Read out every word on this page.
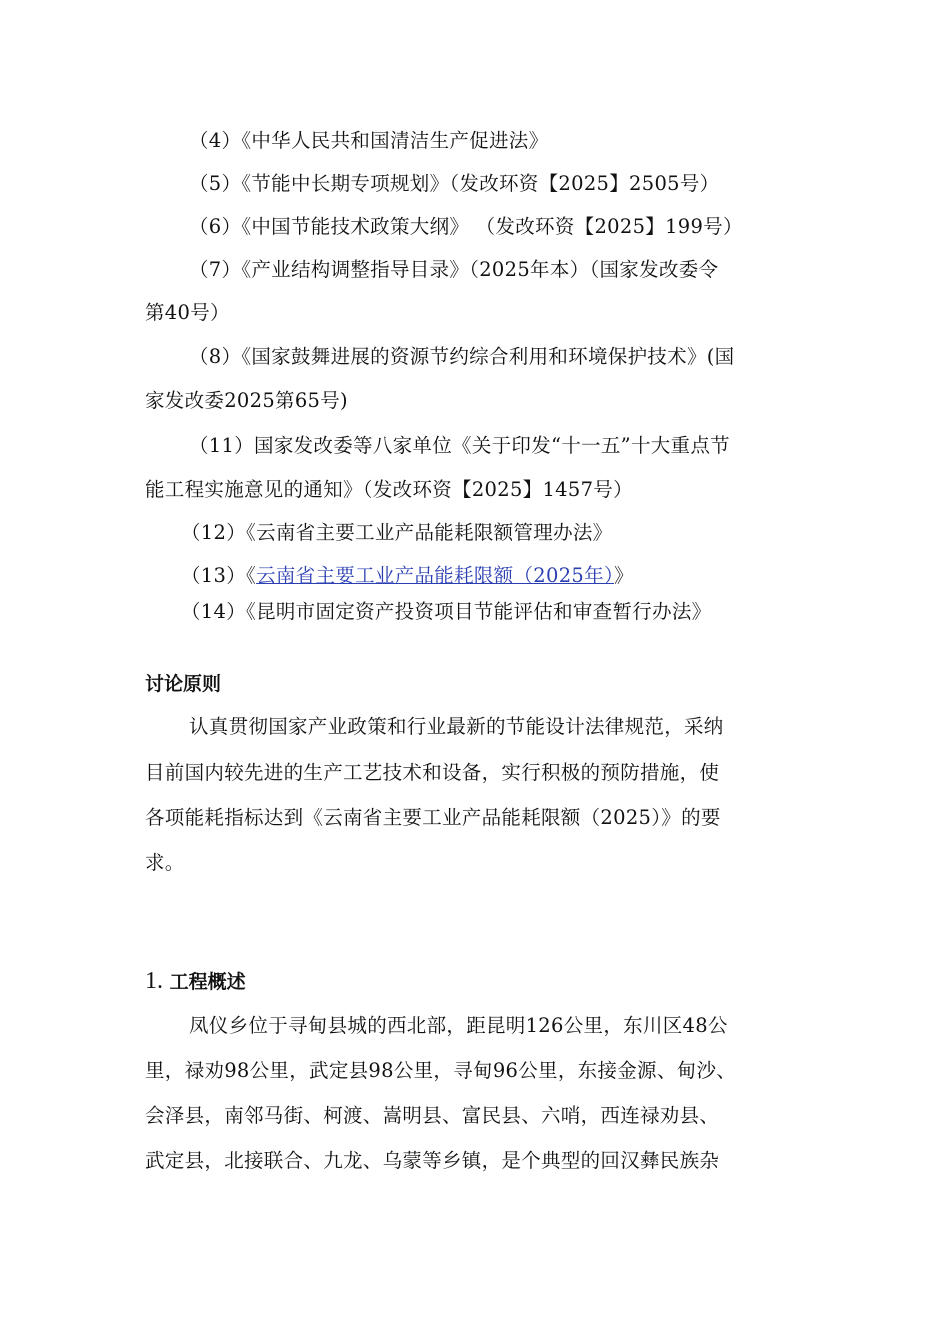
（4）《中华人民共和国清洁生产促进法》
（5）《节能中长期专项规划》（发改环资【2025】2505号）
（6）《中国节能技术政策大纲》 （发改环资【2025】199号）
（7）《产业结构调整指导目录》（2025年本）（国家发改委令
第40号）
（8）《国家鼓舞进展的资源节约综合利用和环境保护技术》(国
家发改委2025第65号)
（11）国家发改委等八家单位《关于印发“十一五”十大重点节
能工程实施意见的通知》（发改环资【2025】1457号）
（12）《云南省主要工业产品能耗限额管理办法》
（13）《云南省主要工业产品能耗限额（2025年）》
（14）《昆明市固定资产投资项目节能评估和审查暂行办法》
讨论原则
认真贯彻国家产业政策和行业最新的节能设计法律规范，采纳
目前国内较先进的生产工艺技术和设备，实行积极的预防措施，使
各项能耗指标达到《云南省主要工业产品能耗限额（2025）》的要
求。
1. 工程概述
凤仪乡位于寻甸县城的西北部，距昆明126公里，东川区48公
里，禄劝98公里，武定县98公里，寻甸96公里，东接金源、甸沙、
会泽县，南邻马街、柯渡、嵩明县、富民县、六哨，西连禄劝县、
武定县，北接联合、九龙、乌蒙等乡镇，是个典型的回汉彝民族杂
